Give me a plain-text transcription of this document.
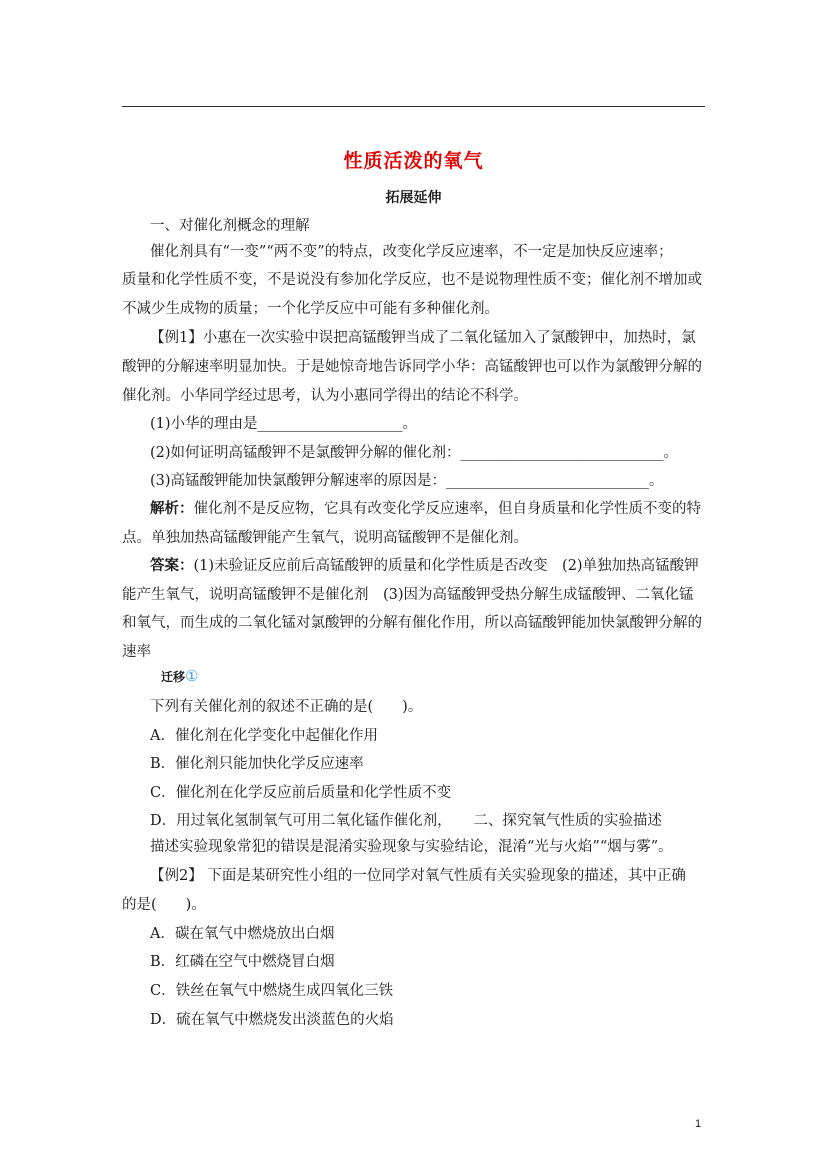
性质活泼的氧气
拓展延伸
一、对催化剂概念的理解
催化剂具有“一变”“两不变”的特点，改变化学反应速率，不一定是加快反应速率；
质量和化学性质不变，不是说没有参加化学反应，也不是说物理性质不变；催化剂不增加或
不减少生成物的质量；一个化学反应中可能有多种催化剂。
【例1】小惠在一次实验中误把高锰酸钾当成了二氧化锰加入了氯酸钾中，加热时，氯
酸钾的分解速率明显加快。于是她惊奇地告诉同学小华：高锰酸钾也可以作为氯酸钾分解的
催化剂。小华同学经过思考，认为小惠同学得出的结论不科学。
(1)小华的理由是____________________。
(2)如何证明高锰酸钾不是氯酸钾分解的催化剂：____________________________。
(3)高锰酸钾能加快氯酸钾分解速率的原因是：____________________________。
解析：催化剂不是反应物，它具有改变化学反应速率，但自身质量和化学性质不变的特
点。单独加热高锰酸钾能产生氧气，说明高锰酸钾不是催化剂。
答案：(1)未验证反应前后高锰酸钾的质量和化学性质是否改变　(2)单独加热高锰酸钾
能产生氧气，说明高锰酸钾不是催化剂　(3)因为高锰酸钾受热分解生成锰酸钾、二氧化锰
和氧气，而生成的二氧化锰对氯酸钾的分解有催化作用，所以高锰酸钾能加快氯酸钾分解的
速率
迁移①
下列有关催化剂的叙述不正确的是(　　)。
A．催化剂在化学变化中起催化作用
B．催化剂只能加快化学反应速率
C．催化剂在化学反应前后质量和化学性质不变
D．用过氧化氢制氧气可用二氧化锰作催化剂，　　二、探究氧气性质的实验描述
描述实验现象常犯的错误是混淆实验现象与实验结论，混淆“光与火焰”“烟与雾”。
【例2】 下面是某研究性小组的一位同学对氧气性质有关实验现象的描述，其中正确
的是(　　)。
A．碳在氧气中燃烧放出白烟
B．红磷在空气中燃烧冒白烟
C．铁丝在氧气中燃烧生成四氧化三铁
D．硫在氧气中燃烧发出淡蓝色的火焰
1
